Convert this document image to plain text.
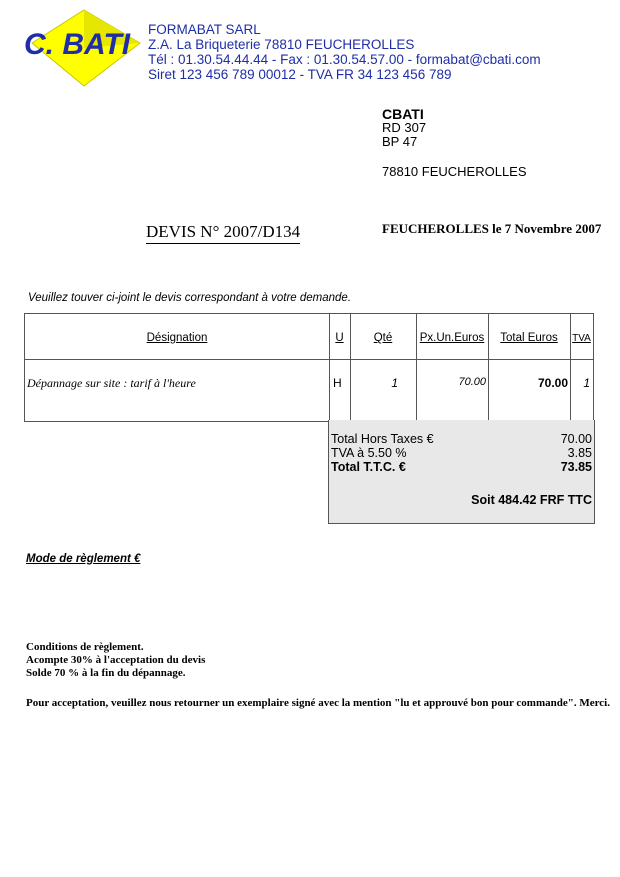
C. BATI FORMABAT SARL
Z.A. La Briqueterie 78810 FEUCHEROLLES
Tél : 01.30.54.44.44 - Fax : 01.30.54.57.00 - formabat@cbati.com
Siret 123 456 789 00012 - TVA FR 34 123 456 789
CBATI
RD 307
BP 47
78810 FEUCHEROLLES
DEVIS N° 2007/D134	FEUCHEROLLES le 7 Novembre 2007
Veuillez touver ci-joint le devis correspondant à votre demande.
Désignation	U	Qté	Px.Un.Euros	Total Euros	TVA
Dépannage sur site : tarif à l'heure	H	1	70.00	70.00	1
Total Hors Taxes €	70.00
TVA à 5.50 %	3.85
Total T.T.C. €	73.85
Soit 484.42 FRF TTC
Mode de règlement €
Conditions de règlement.
Acompte 30% à l'acceptation du devis
Solde 70 % à la fin du dépannage.
Pour acceptation, veuillez nous retourner un exemplaire signé avec la mention "lu et approuvé bon pour commande". Merci.
